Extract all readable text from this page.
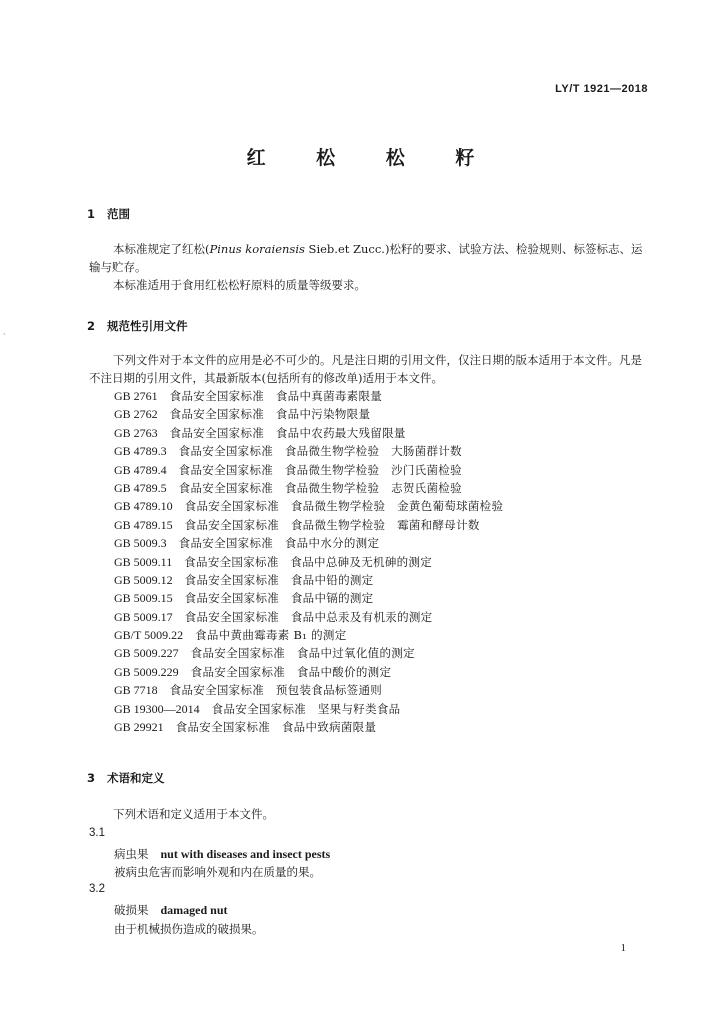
·
LY/T 1921—2018
红 松 松 籽
1 范围
本标准规定了红松(Pinus koraiensis Sieb.et Zucc.)松籽的要求、试验方法、检验规则、标签标志、运输与贮存。
本标准适用于食用红松松籽原料的质量等级要求。
2 规范性引用文件
下列文件对于本文件的应用是必不可少的。凡是注日期的引用文件，仅注日期的版本适用于本文件。凡是不注日期的引用文件，其最新版本(包括所有的修改单)适用于本文件。
GB 2761 食品安全国家标准　食品中真菌毒素限量
GB 2762 食品安全国家标准　食品中污染物限量
GB 2763 食品安全国家标准　食品中农药最大残留限量
GB 4789.3 食品安全国家标准　食品微生物学检验　大肠菌群计数
GB 4789.4 食品安全国家标准　食品微生物学检验　沙门氏菌检验
GB 4789.5 食品安全国家标准　食品微生物学检验　志贺氏菌检验
GB 4789.10 食品安全国家标准　食品微生物学检验　金黄色葡萄球菌检验
GB 4789.15 食品安全国家标准　食品微生物学检验　霉菌和酵母计数
GB 5009.3 食品安全国家标准　食品中水分的测定
GB 5009.11 食品安全国家标准　食品中总砷及无机砷的测定
GB 5009.12 食品安全国家标准　食品中铅的测定
GB 5009.15 食品安全国家标准　食品中镉的测定
GB 5009.17 食品安全国家标准　食品中总汞及有机汞的测定
GB/T 5009.22 食品中黄曲霉毒素 B₁ 的测定
GB 5009.227 食品安全国家标准　食品中过氧化值的测定
GB 5009.229 食品安全国家标准　食品中酸价的测定
GB 7718 食品安全国家标准　预包装食品标签通则
GB 19300—2014 食品安全国家标准　坚果与籽类食品
GB 29921 食品安全国家标准　食品中致病菌限量
3 术语和定义
下列术语和定义适用于本文件。
3.1
病虫果 nut with diseases and insect pests
被病虫危害而影响外观和内在质量的果。
3.2
破损果 damaged nut
由于机械损伤造成的破损果。
1
